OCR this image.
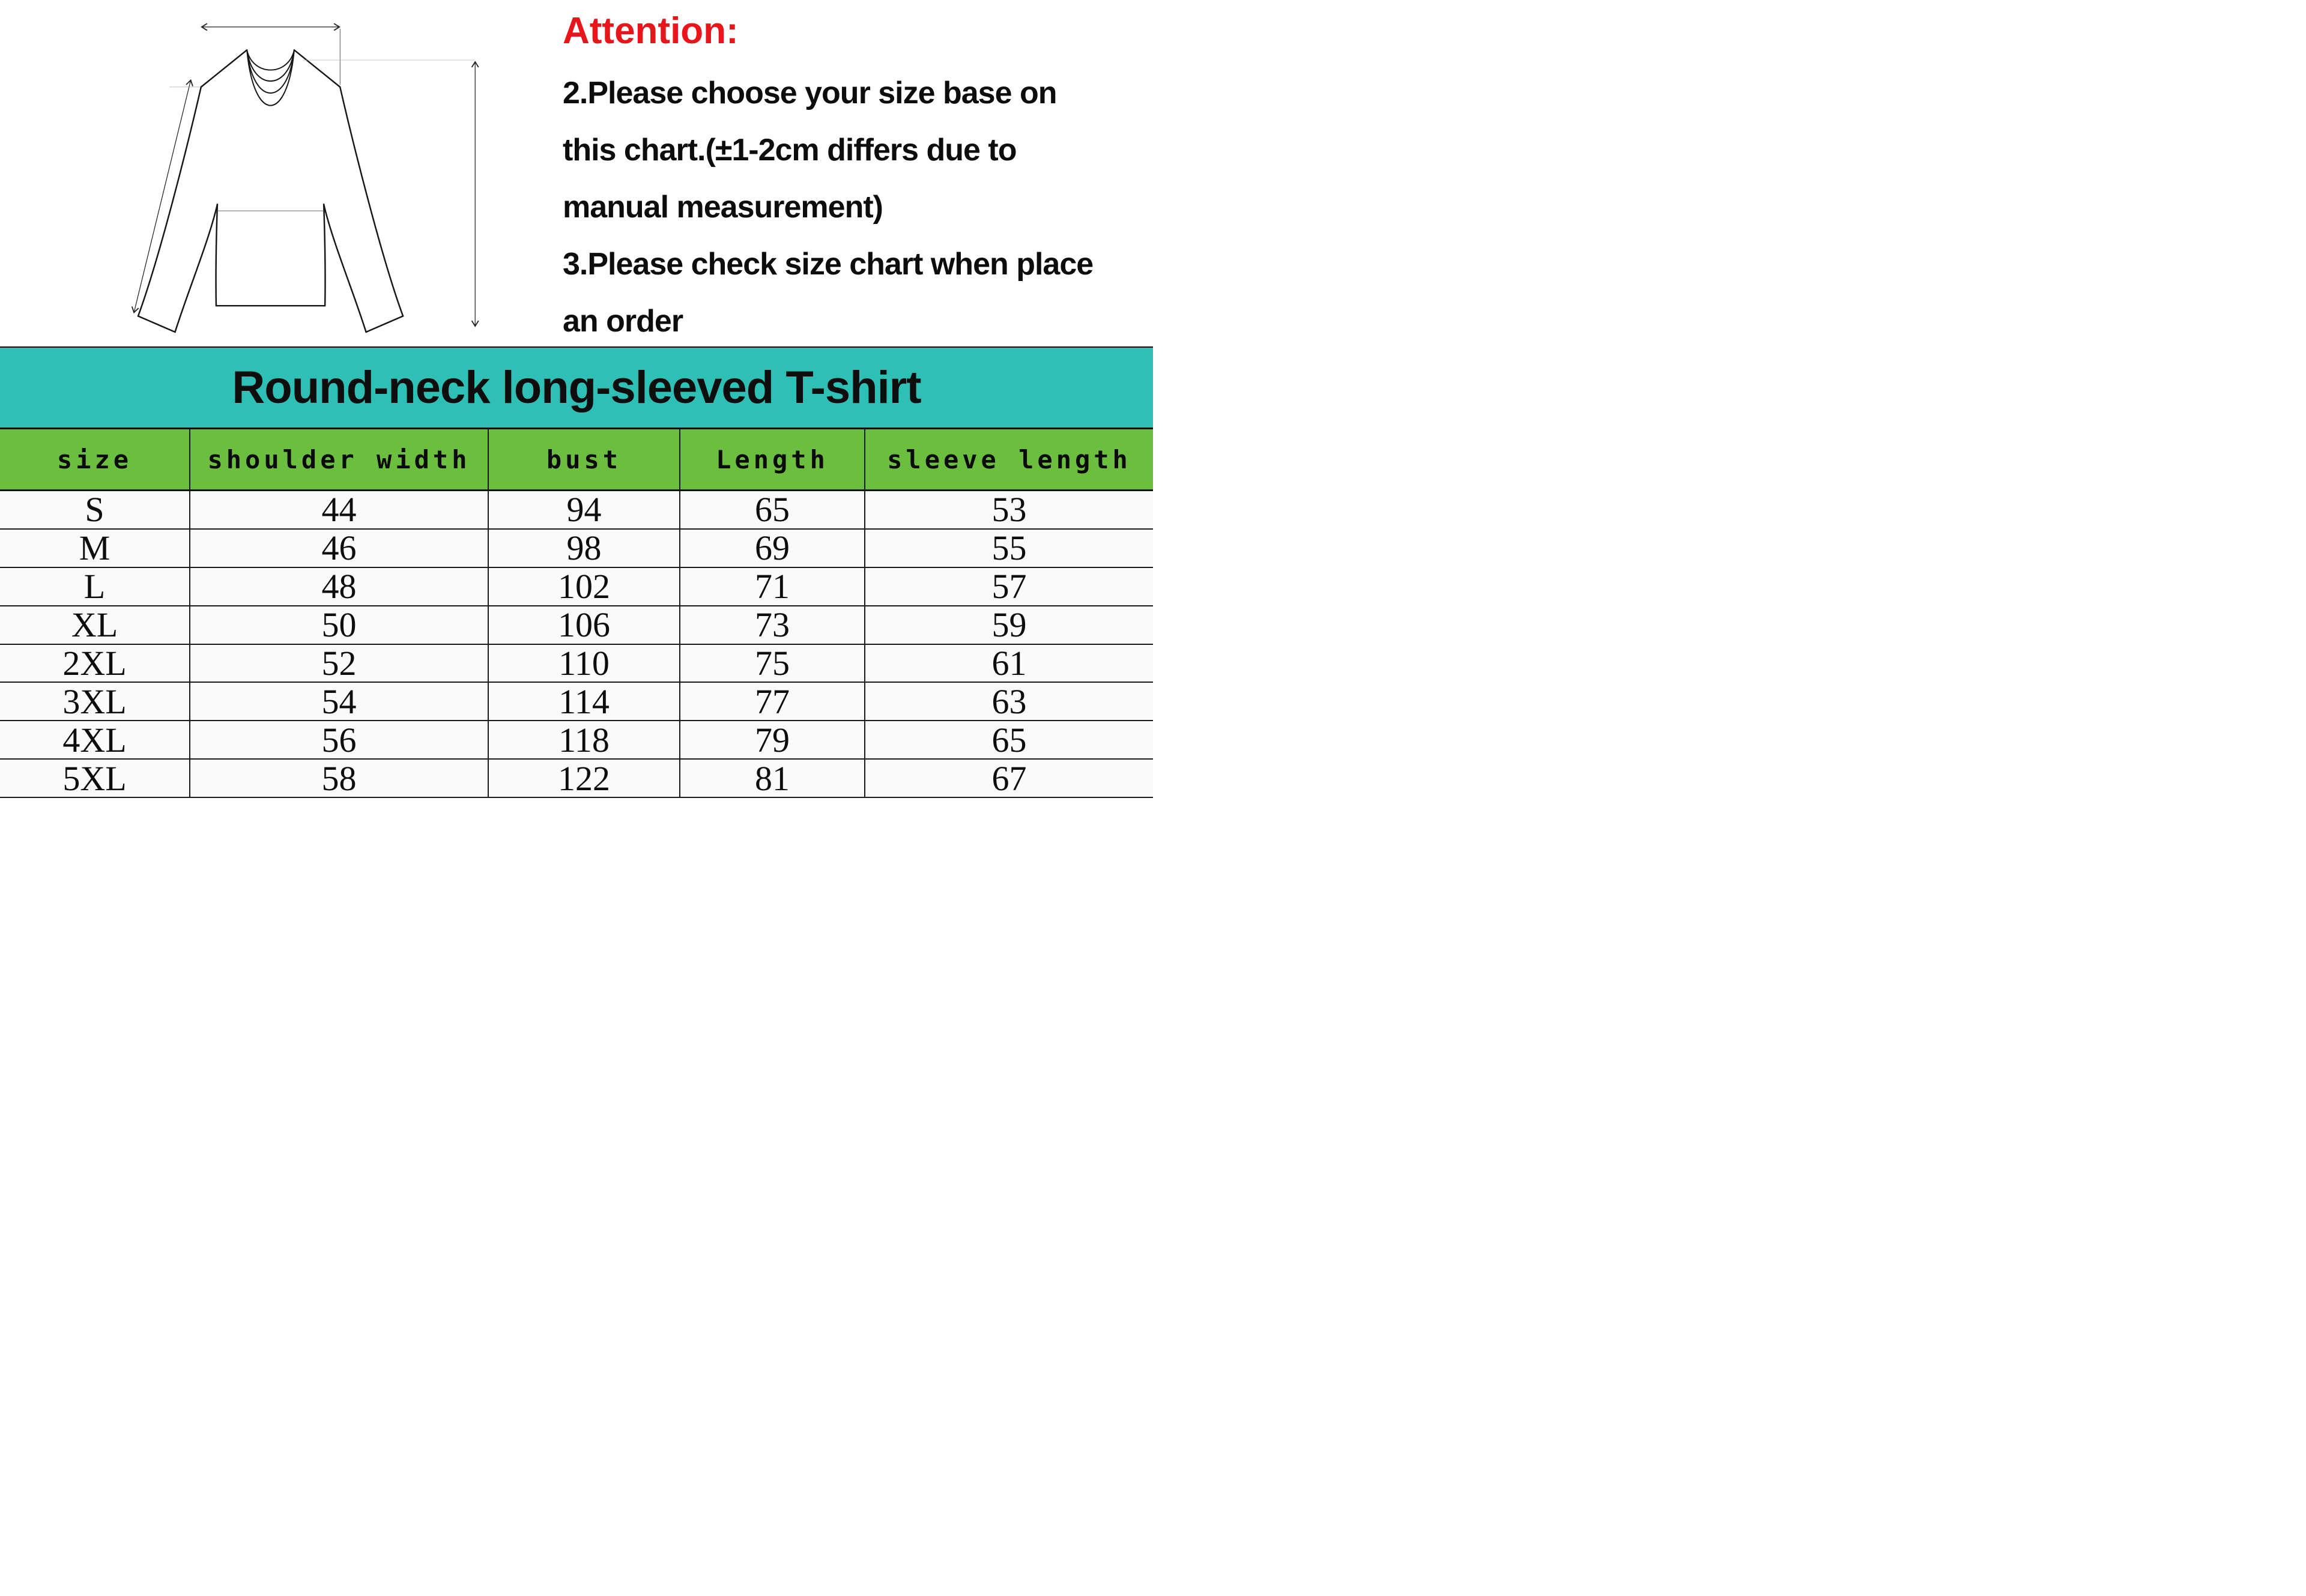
Attention:
2.Please choose your size base on
this chart.(±1-2cm differs due to
manual measurement)
3.Please check size chart when place
an order
Round-neck long-sleeved T-shirt
size	shoulder width	bust	Length	sleeve length
S	44	94	65	53
M	46	98	69	55
L	48	102	71	57
XL	50	106	73	59
2XL	52	110	75	61
3XL	54	114	77	63
4XL	56	118	79	65
5XL	58	122	81	67
